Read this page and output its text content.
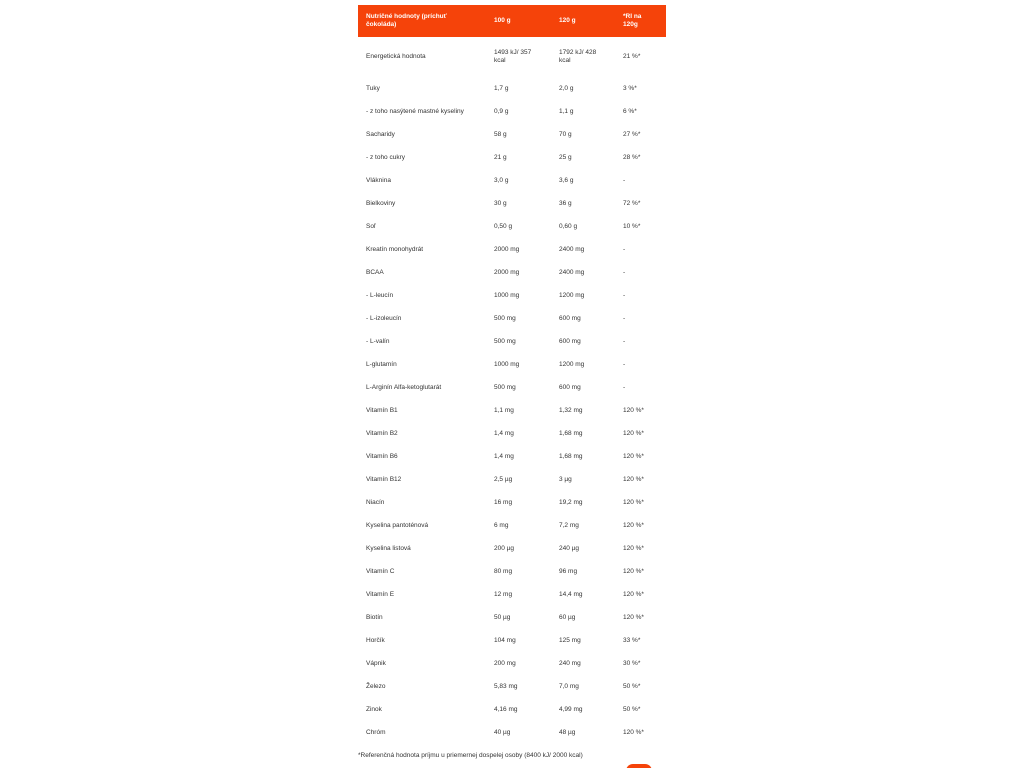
Nutričné hodnoty (príchuť čokoláda)	100 g	120 g	*RI na 120g
Energetická hodnota	1493 kJ/ 357 kcal	1792 kJ/ 428 kcal	21 %*
Tuky	1,7 g	2,0 g	3 %*
- z toho nasýtené mastné kyseliny	0,9 g	1,1 g	6 %*
Sacharidy	58 g	70 g	27 %*
- z toho cukry	21 g	25 g	28 %*
Vláknina	3,0 g	3,6 g	-
Bielkoviny	30 g	36 g	72 %*
Soľ	0,50 g	0,60 g	10 %*
Kreatín monohydrát	2000 mg	2400 mg	-
BCAA	2000 mg	2400 mg	-
- L-leucín	1000 mg	1200 mg	-
- L-izoleucín	500 mg	600 mg	-
- L-valín	500 mg	600 mg	-
L-glutamín	1000 mg	1200 mg	-
L-Arginín Alfa-ketoglutarát	500 mg	600 mg	-
Vitamín B1	1,1 mg	1,32 mg	120 %*
Vitamín B2	1,4 mg	1,68 mg	120 %*
Vitamín B6	1,4 mg	1,68 mg	120 %*
Vitamín B12	2,5 µg	3 µg	120 %*
Niacín	16 mg	19,2 mg	120 %*
Kyselina pantoténová	6 mg	7,2 mg	120 %*
Kyselina listová	200 µg	240 µg	120 %*
Vitamín C	80 mg	96 mg	120 %*
Vitamín E	12 mg	14,4 mg	120 %*
Biotín	50 µg	60 µg	120 %*
Horčík	104 mg	125 mg	33 %*
Vápnik	200 mg	240 mg	30 %*
Železo	5,83 mg	7,0 mg	50 %*
Zinok	4,16 mg	4,99 mg	50 %*
Chróm	40 µg	48 µg	120 %*
*Referenčná hodnota príjmu u priemernej dospelej osoby (8400 kJ/ 2000 kcal)
